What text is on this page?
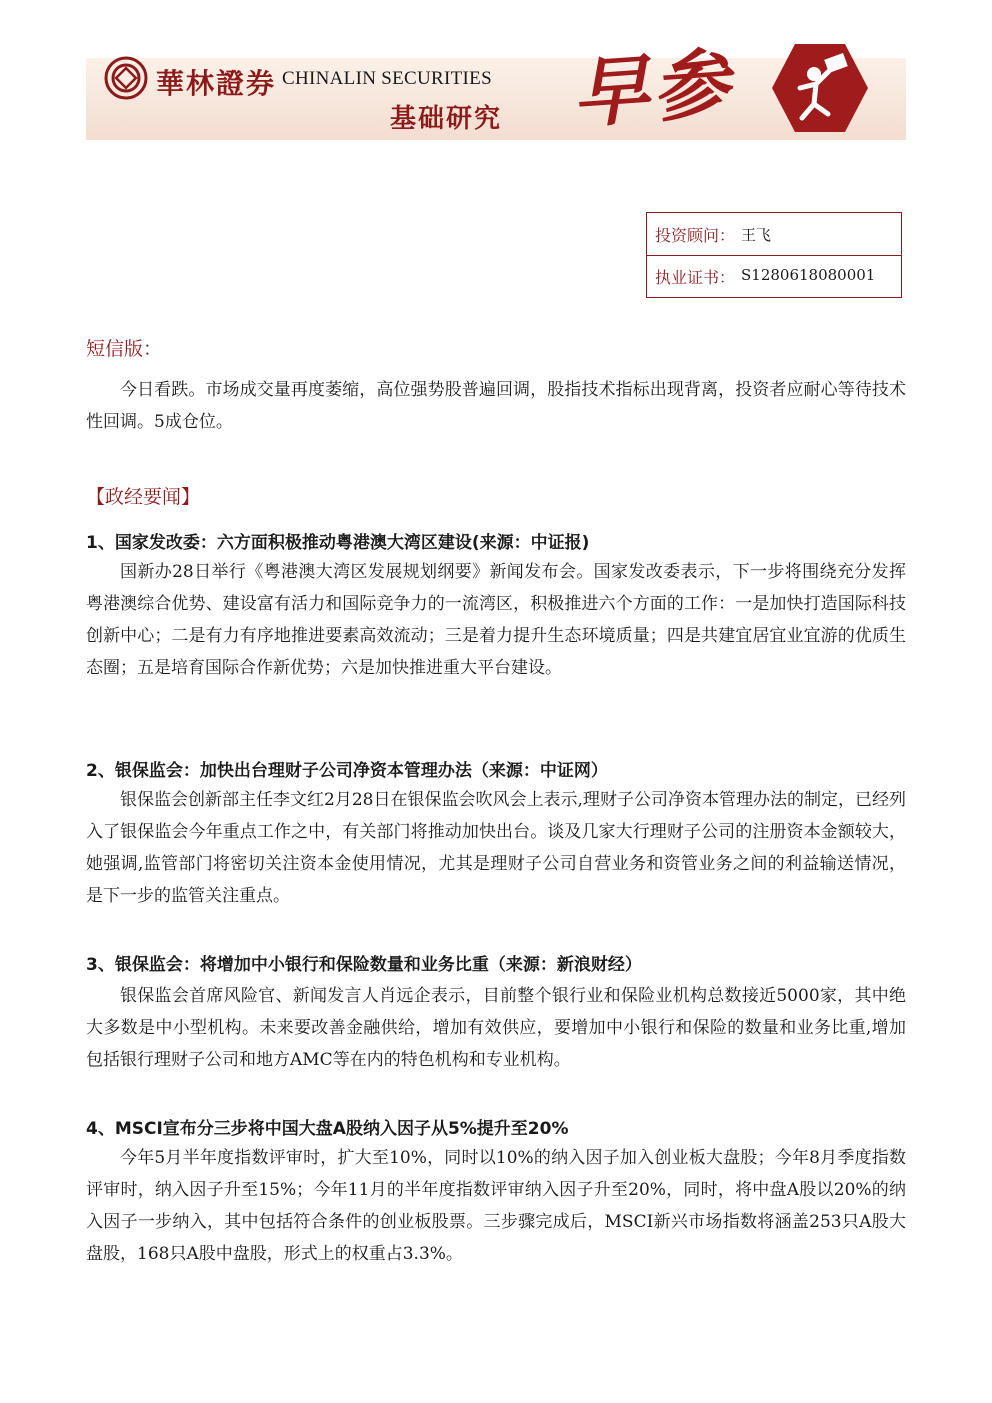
華林證券 CHINALIN SECURITIES
基础研究 早参
投资顾问： 王飞
执业证书： S1280618080001
短信版：

今日看跌。市场成交量再度萎缩，高位强势股普遍回调，股指技术指标出现背离，投资者应耐心等待技术性回调。5成仓位。

【政经要闻】
1、国家发改委：六方面积极推动粤港澳大湾区建设(来源：中证报)

国新办28日举行《粤港澳大湾区发展规划纲要》新闻发布会。国家发改委表示，下一步将围绕充分发挥粤港澳综合优势、建设富有活力和国际竞争力的一流湾区，积极推进六个方面的工作：一是加快打造国际科技创新中心；二是有力有序地推进要素高效流动；三是着力提升生态环境质量；四是共建宜居宜业宜游的优质生态圈；五是培育国际合作新优势；六是加快推进重大平台建设。

2、银保监会：加快出台理财子公司净资本管理办法（来源：中证网）

银保监会创新部主任李文红2月28日在银保监会吹风会上表示,理财子公司净资本管理办法的制定，已经列入了银保监会今年重点工作之中，有关部门将推动加快出台。谈及几家大行理财子公司的注册资本金额较大，她强调,监管部门将密切关注资本金使用情况，尤其是理财子公司自营业务和资管业务之间的利益输送情况，是下一步的监管关注重点。

3、银保监会：将增加中小银行和保险数量和业务比重（来源：新浪财经）

银保监会首席风险官、新闻发言人肖远企表示，目前整个银行业和保险业机构总数接近5000家，其中绝大多数是中小型机构。未来要改善金融供给，增加有效供应，要增加中小银行和保险的数量和业务比重,增加包括银行理财子公司和地方AMC等在内的特色机构和专业机构。

4、MSCI宣布分三步将中国大盘A股纳入因子从5%提升至20%

今年5月半年度指数评审时，扩大至10%，同时以10%的纳入因子加入创业板大盘股；今年8月季度指数评审时，纳入因子升至15%；今年11月的半年度指数评审纳入因子升至20%，同时，将中盘A股以20%的纳入因子一步纳入，其中包括符合条件的创业板股票。三步骤完成后，MSCI新兴市场指数将涵盖253只A股大盘股，168只A股中盘股，形式上的权重占3.3%。
